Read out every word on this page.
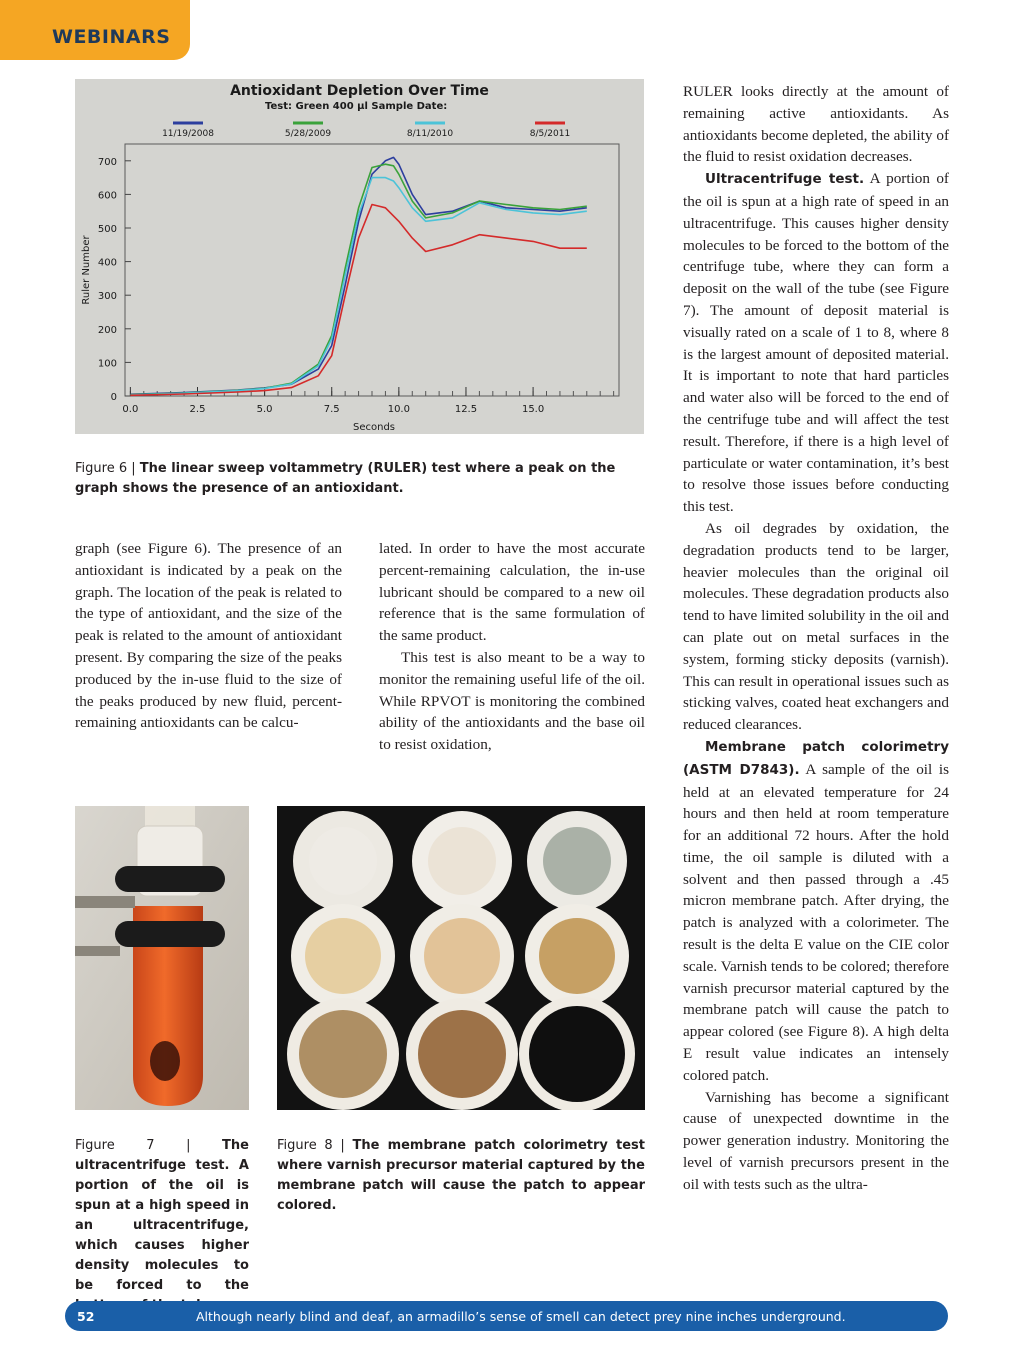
WEBINARS
Antioxidant Depletion Over Time
Test: Green 400 µl Sample Date:
11/19/2008	5/28/2009	8/11/2010	8/5/2011
0
100
200
300
400
500
600
700
0.0	2.5	5.0	7.5	10.0	12.5	15.0
Seconds
Ruler Number
Figure 6 | The linear sweep voltammetry (RULER) test where a peak on the graph shows the presence of an antioxidant.

graph (see Figure 6). The presence of an antioxidant is indicated by a peak on the graph. The location of the peak is related to the type of antioxidant, and the size of the peak is related to the amount of antioxidant present. By comparing the size of the peaks produced by the in-use fluid to the size of the peaks produced by new fluid, percent-remaining antioxidants can be calcu-

lated. In order to have the most accurate percent-remaining calculation, the in-use lubricant should be compared to a new oil reference that is the same formulation of the same product.

This test is also meant to be a way to monitor the remaining useful life of the oil. While RPVOT is monitoring the combined ability of the antioxidants and the base oil to resist oxidation,

RULER looks directly at the amount of remaining active antioxidants. As antioxidants become depleted, the ability of the fluid to resist oxidation decreases.

Ultracentrifuge test. A portion of the oil is spun at a high rate of speed in an ultracentrifuge. This causes higher density molecules to be forced to the bottom of the centrifuge tube, where they can form a deposit on the wall of the tube (see Figure 7). The amount of deposit material is visually rated on a scale of 1 to 8, where 8 is the largest amount of deposited material. It is important to note that hard particles and water also will be forced to the end of the centrifuge tube and will affect the test result. Therefore, if there is a high level of particulate or water contamination, it’s best to resolve those issues before conducting this test.

As oil degrades by oxidation, the degradation products tend to be larger, heavier molecules than the original oil molecules. These degradation products also tend to have limited solubility in the oil and can plate out on metal surfaces in the system, forming sticky deposits (varnish). This can result in operational issues such as sticking valves, coated heat exchangers and reduced clearances.

Membrane patch colorimetry (ASTM D7843). A sample of the oil is held at an elevated temperature for 24 hours and then held at room temperature for an additional 72 hours. After the hold time, the oil sample is diluted with a solvent and then passed through a .45 micron membrane patch. After drying, the patch is analyzed with a colorimeter. The result is the delta E value on the CIE color scale. Varnish tends to be colored; therefore varnish precursor material captured by the membrane patch will cause the patch to appear colored (see Figure 8). A high delta E result value indicates an intensely colored patch.

Varnishing has become a significant cause of unexpected downtime in the power generation industry. Monitoring the level of varnish precursors present in the oil with tests such as the ultra-

Figure 7 | The ultracentrifuge test. A portion of the oil is spun at a high speed in an ultracentrifuge, which causes higher density molecules to be forced to the
Figure 8 | The membrane patch colorimetry test where varnish precursor material captured by the membrane patch will cause the patch to appear colored.
52	Although nearly blind and deaf, an armadillo’s sense of smell can detect prey nine inches underground.
